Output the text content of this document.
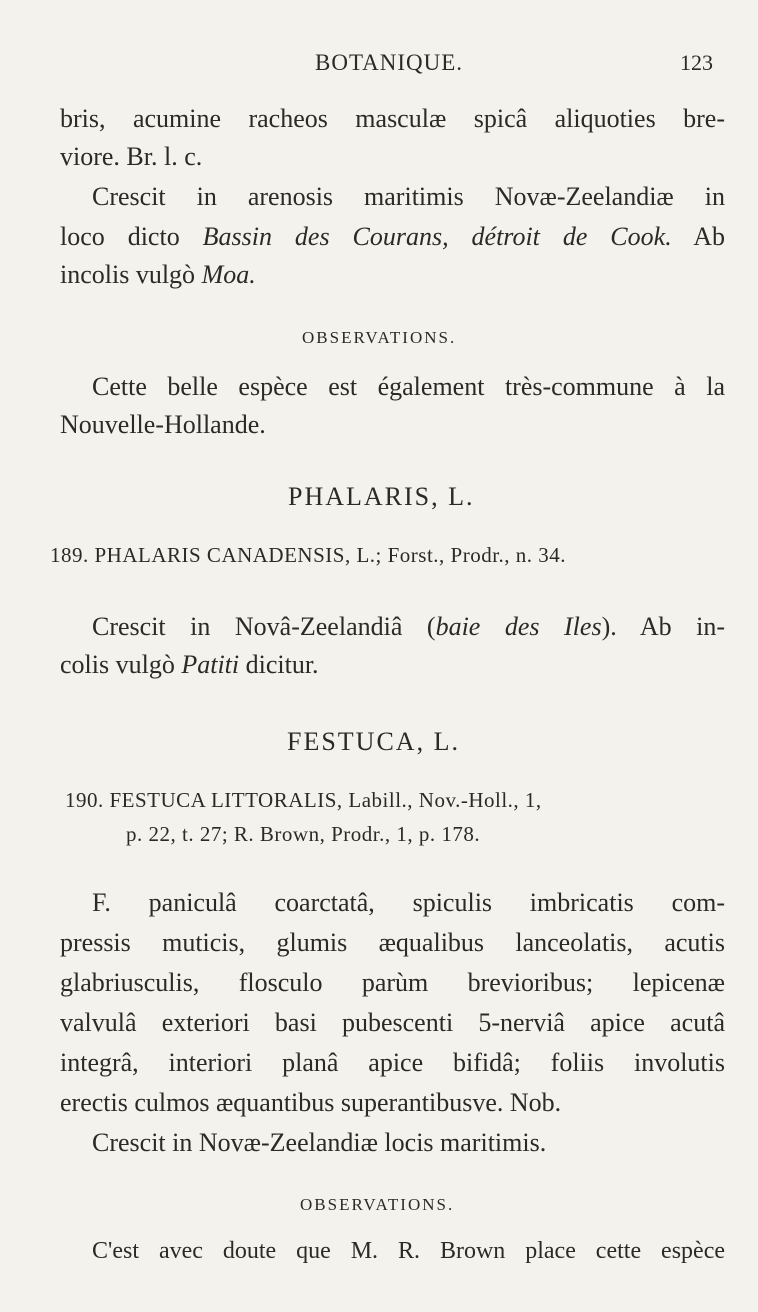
BOTANIQUE.	123
bris, acumine racheos masculæ spicâ aliquoties bre-
viore. Br. l. c.
Crescit in arenosis maritimis Novæ-Zeelandiæ in
loco dicto Bassin des Courans, détroit de Cook. Ab
incolis vulgò Moa.
OBSERVATIONS.
Cette belle espèce est également très-commune à la
Nouvelle-Hollande.
PHALARIS, L.
189. PHALARIS CANADENSIS, L.; Forst., Prodr., n. 34.
Crescit in Novâ-Zeelandiâ (baie des Iles). Ab in-
colis vulgò Patiti dicitur.
FESTUCA, L.
190. FESTUCA LITTORALIS, Labill., Nov.-Holl., 1,
p. 22, t. 27; R. Brown, Prodr., 1, p. 178.
F. paniculâ coarctatâ, spiculis imbricatis com-
pressis muticis, glumis æqualibus lanceolatis, acutis
glabriusculis, flosculo parùm brevioribus; lepicenæ
valvulâ exteriori basi pubescenti 5-nerviâ apice acutâ
integrâ, interiori planâ apice bifidâ; foliis involutis
erectis culmos æquantibus superantibusve. Nob.
Crescit in Novæ-Zeelandiæ locis maritimis.
OBSERVATIONS.
C'est avec doute que M. R. Brown place cette espèce
